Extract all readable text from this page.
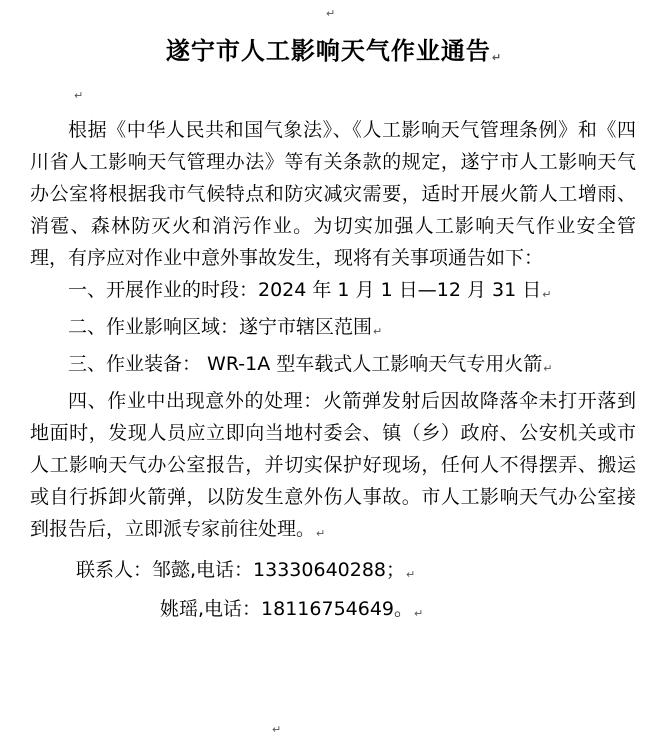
↵
遂宁市人工影响天气作业通告↵
↵

根据《中华人民共和国气象法》、《人工影响天气管理条例》和《四川省人工影响天气管理办法》等有关条款的规定，遂宁市人工影响天气办公室将根据我市气候特点和防灾减灾需要，适时开展火箭人工增雨、消雹、森林防灭火和消污作业。为切实加强人工影响天气作业安全管理，有序应对作业中意外事故发生，现将有关事项通告如下：

一、开展作业的时段：2024 年 1 月 1 日—12 月 31 日↵

二、作业影响区域：遂宁市辖区范围↵

三、作业装备： WR-1A 型车载式人工影响天气专用火箭↵

四、作业中出现意外的处理：火箭弹发射后因故降落伞未打开落到地面时，发现人员应立即向当地村委会、镇（乡）政府、公安机关或市人工影响天气办公室报告，并切实保护好现场，任何人不得摆弄、搬运或自行拆卸火箭弹，以防发生意外伤人事故。市人工影响天气办公室接到报告后，立即派专家前往处理。↵

联系人：邹懿,电话：13330640288；↵

姚瑶,电话：18116754649。↵

↵
